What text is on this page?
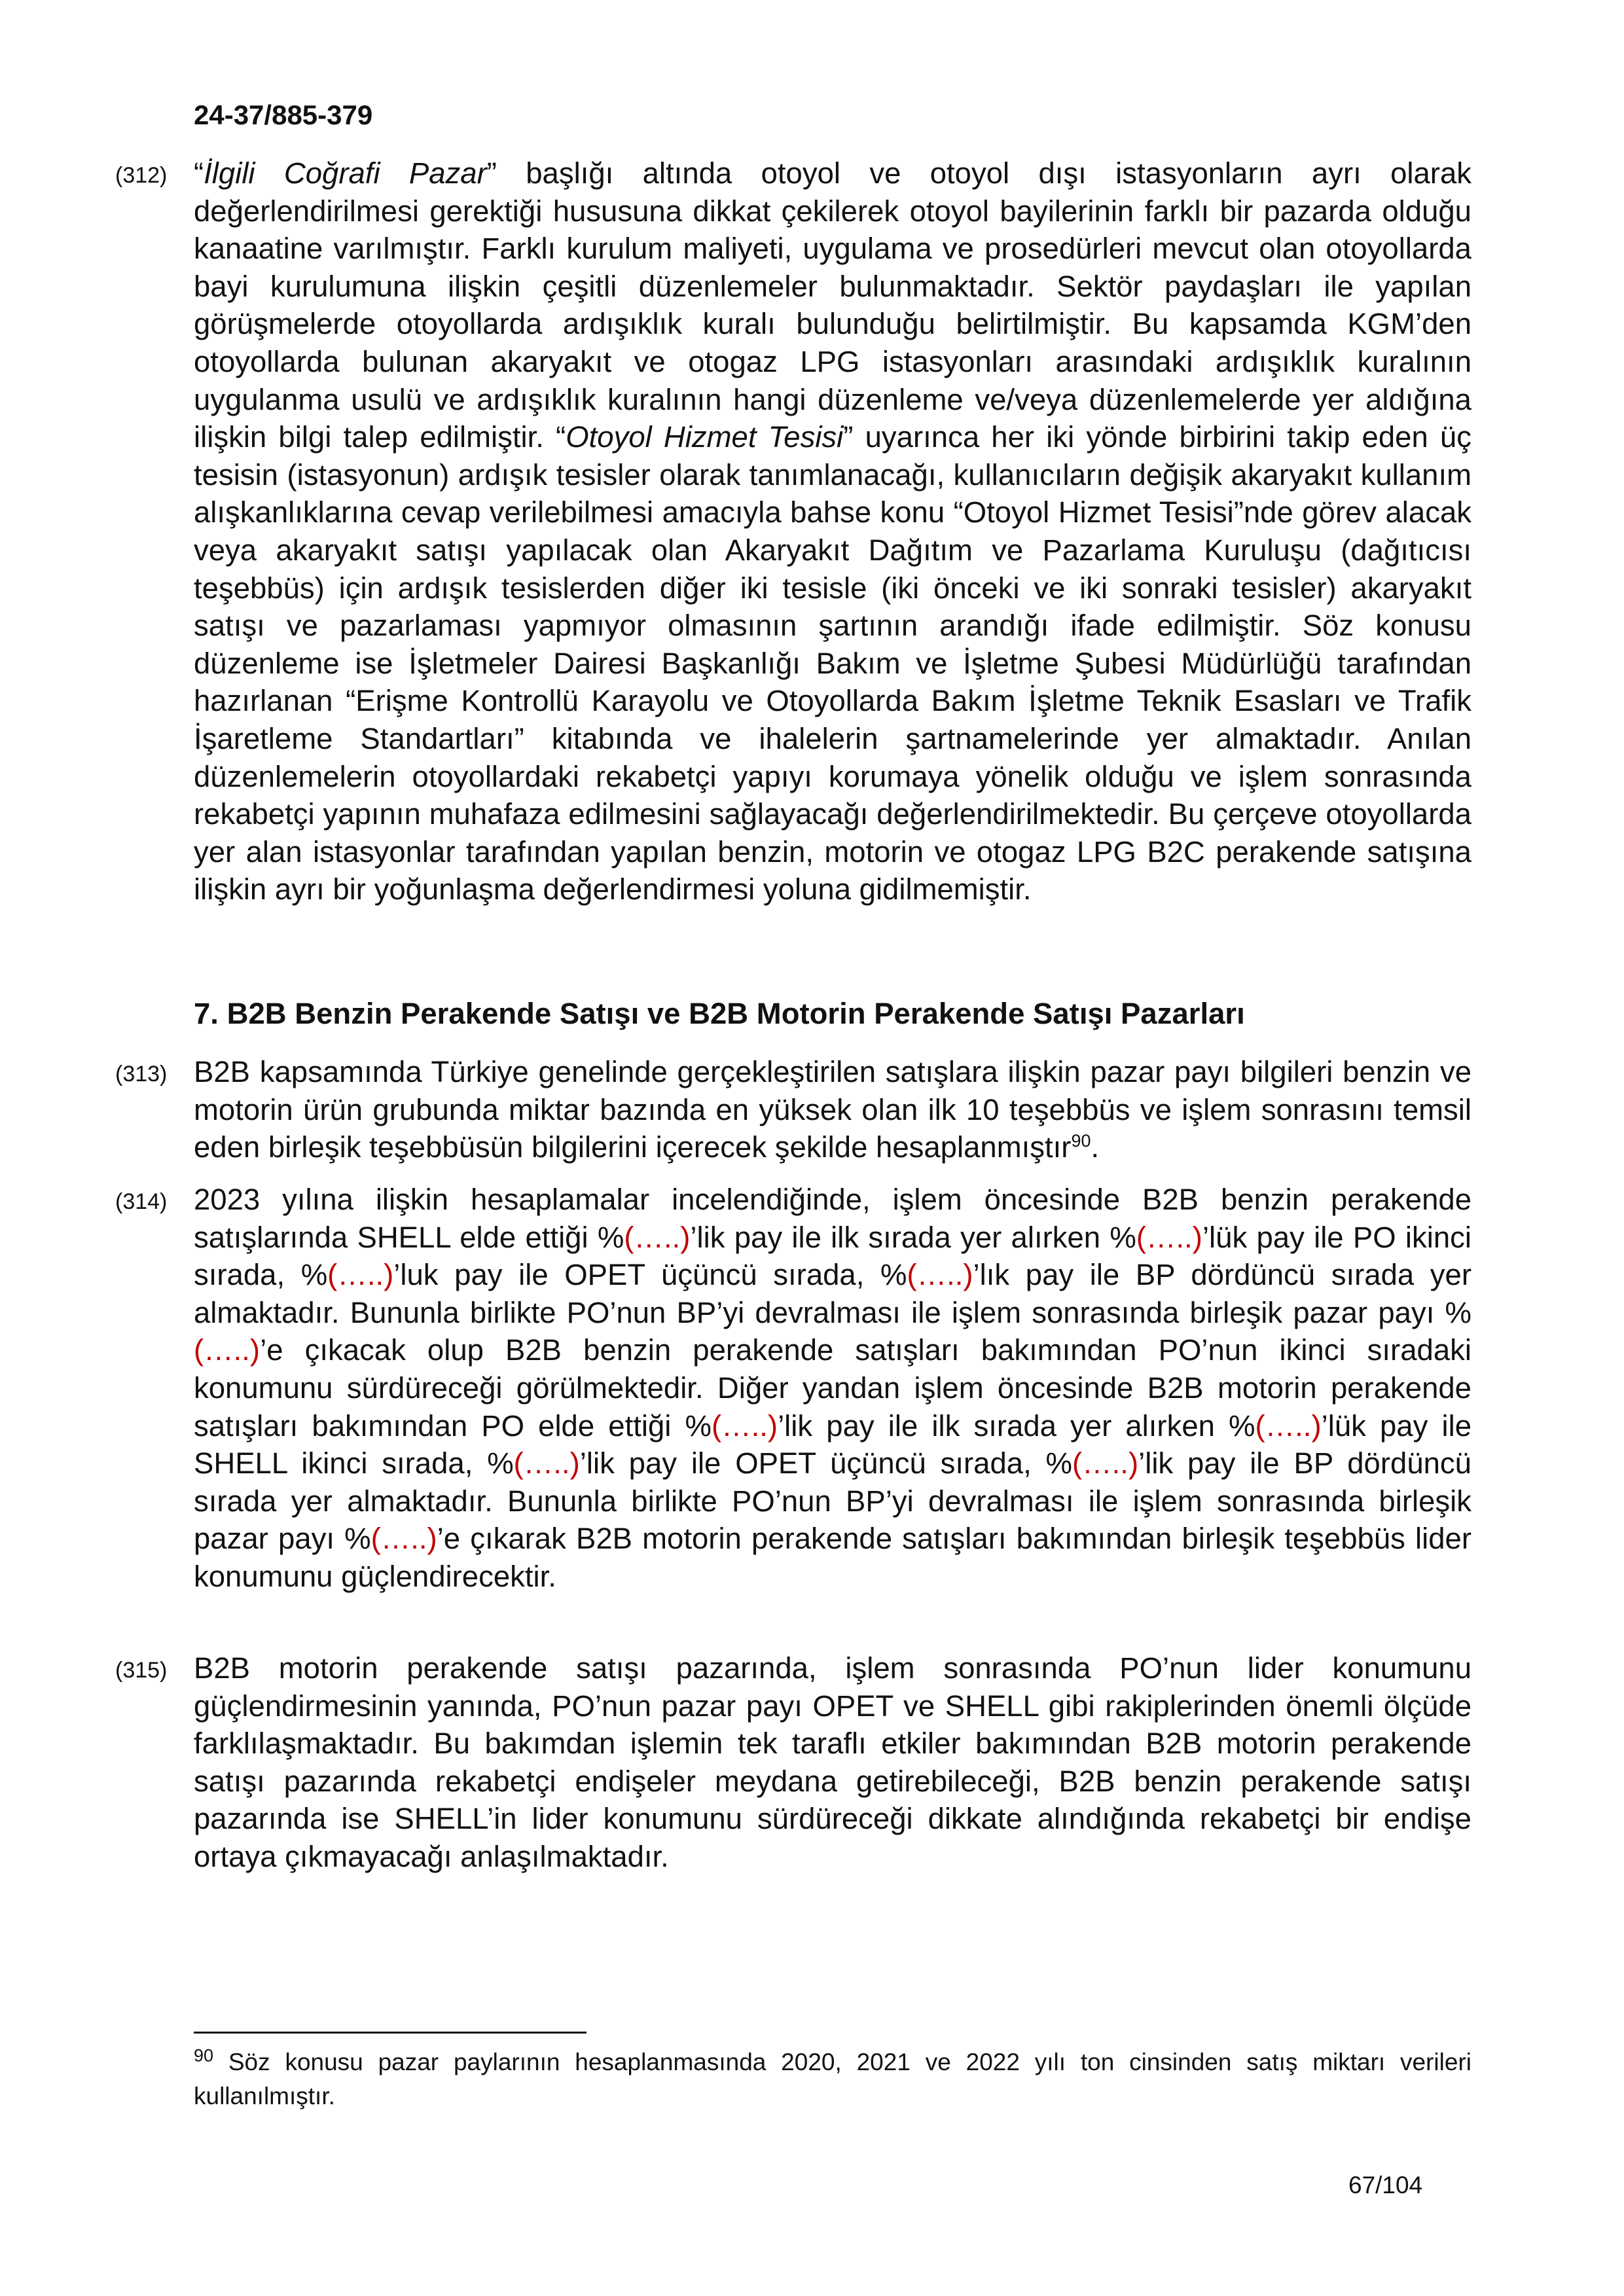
24-37/885-379
(312) “İlgili Coğrafi Pazar” başlığı altında otoyol ve otoyol dışı istasyonların ayrı olarak değerlendirilmesi gerektiği hususuna dikkat çekilerek otoyol bayilerinin farklı bir pazarda olduğu kanaatine varılmıştır. Farklı kurulum maliyeti, uygulama ve prosedürleri mevcut olan otoyollarda bayi kurulumuna ilişkin çeşitli düzenlemeler bulunmaktadır. Sektör paydaşları ile yapılan görüşmelerde otoyollarda ardışıklık kuralı bulunduğu belirtilmiştir. Bu kapsamda KGM’den otoyollarda bulunan akaryakıt ve otogaz LPG istasyonları arasındaki ardışıklık kuralının uygulanma usulü ve ardışıklık kuralının hangi düzenleme ve/veya düzenlemelerde yer aldığına ilişkin bilgi talep edilmiştir. “Otoyol Hizmet Tesisi” uyarınca her iki yönde birbirini takip eden üç tesisin (istasyonun) ardışık tesisler olarak tanımlanacağı, kullanıcıların değişik akaryakıt kullanım alışkanlıklarına cevap verilebilmesi amacıyla bahse konu “Otoyol Hizmet Tesisi”nde görev alacak veya akaryakıt satışı yapılacak olan Akaryakıt Dağıtım ve Pazarlama Kuruluşu (dağıtıcısı teşebbüs) için ardışık tesislerden diğer iki tesisle (iki önceki ve iki sonraki tesisler) akaryakıt satışı ve pazarlaması yapmıyor olmasının şartının arandığı ifade edilmiştir. Söz konusu düzenleme ise İşletmeler Dairesi Başkanlığı Bakım ve İşletme Şubesi Müdürlüğü tarafından hazırlanan “Erişme Kontrollü Karayolu ve Otoyollarda Bakım İşletme Teknik Esasları ve Trafik İşaretleme Standartları” kitabında ve ihalelerin şartnamelerinde yer almaktadır. Anılan düzenlemelerin otoyollardaki rekabetçi yapıyı korumaya yönelik olduğu ve işlem sonrasında rekabetçi yapının muhafaza edilmesini sağlayacağı değerlendirilmektedir. Bu çerçeve otoyollarda yer alan istasyonlar tarafından yapılan benzin, motorin ve otogaz LPG B2C perakende satışına ilişkin ayrı bir yoğunlaşma değerlendirmesi yoluna gidilmemiştir.

7. B2B Benzin Perakende Satışı ve B2B Motorin Perakende Satışı Pazarları
(313) B2B kapsamında Türkiye genelinde gerçekleştirilen satışlara ilişkin pazar payı bilgileri benzin ve motorin ürün grubunda miktar bazında en yüksek olan ilk 10 teşebbüs ve işlem sonrasını temsil eden birleşik teşebbüsün bilgilerini içerecek şekilde hesaplanmıştır$^{90}$.

(314) 2023 yılına ilişkin hesaplamalar incelendiğinde, işlem öncesinde B2B benzin perakende satışlarında SHELL elde ettiği %(…..)’lik pay ile ilk sırada yer alırken %(…..)’lük pay ile PO ikinci sırada, %(…..)’luk pay ile OPET üçüncü sırada, %(…..)’lık pay ile BP dördüncü sırada yer almaktadır. Bununla birlikte PO’nun BP’yi devralması ile işlem sonrasında birleşik pazar payı %(…..)’e çıkacak olup B2B benzin perakende satışları bakımından PO’nun ikinci sıradaki konumunu sürdüreceği görülmektedir. Diğer yandan işlem öncesinde B2B motorin perakende satışları bakımından PO elde ettiği %(…..)’lik pay ile ilk sırada yer alırken %(…..)’lük pay ile SHELL ikinci sırada, %(…..)’lik pay ile OPET üçüncü sırada, %(…..)’lik pay ile BP dördüncü sırada yer almaktadır. Bununla birlikte PO’nun BP’yi devralması ile işlem sonrasında birleşik pazar payı %(…..)’e çıkarak B2B motorin perakende satışları bakımından birleşik teşebbüs lider konumunu güçlendirecektir.

(315) B2B motorin perakende satışı pazarında, işlem sonrasında PO’nun lider konumunu güçlendirmesinin yanında, PO’nun pazar payı OPET ve SHELL gibi rakiplerinden önemli ölçüde farklılaşmaktadır. Bu bakımdan işlemin tek taraflı etkiler bakımından B2B motorin perakende satışı pazarında rekabetçi endişeler meydana getirebileceği, B2B benzin perakende satışı pazarında ise SHELL’in lider konumunu sürdüreceği dikkate alındığında rekabetçi bir endişe ortaya çıkmayacağı anlaşılmaktadır.

$^{90}$ Söz konusu pazar paylarının hesaplanmasında 2020, 2021 ve 2022 yılı ton cinsinden satış miktarı verileri kullanılmıştır.

67/104
